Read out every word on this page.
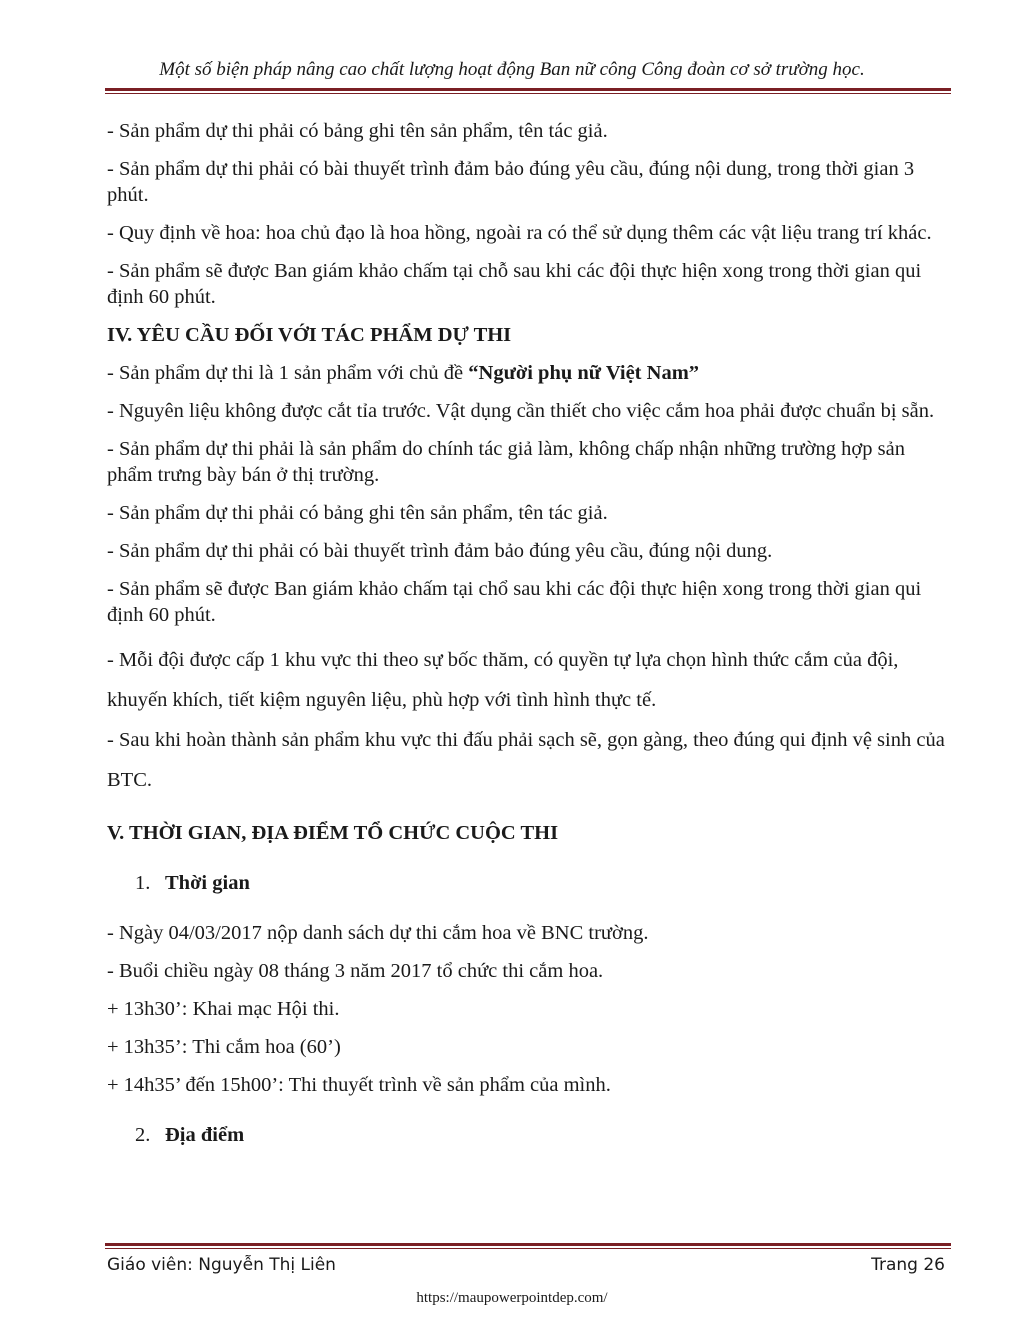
Một số biện pháp nâng cao chất lượng hoạt động Ban nữ công Công đoàn cơ sở trường học.

- Sản phẩm dự thi phải có bảng ghi tên sản phẩm, tên tác giả.

- Sản phẩm dự thi phải có bài thuyết trình đảm bảo đúng yêu cầu, đúng nội dung, trong thời gian 3 phút.

- Quy định về hoa: hoa chủ đạo là hoa hồng, ngoài ra có thể sử dụng thêm các vật liệu trang trí khác.

- Sản phẩm sẽ được Ban giám khảo chấm tại chỗ sau khi các đội thực hiện xong trong thời gian qui định 60 phút.

IV. YÊU CẦU ĐỐI VỚI TÁC PHẨM DỰ THI

- Sản phẩm dự thi là 1 sản phẩm với chủ đề “Người phụ nữ Việt Nam”

- Nguyên liệu không được cắt tỉa trước. Vật dụng cần thiết cho việc cắm hoa phải được chuẩn bị sẵn.

- Sản phẩm dự thi phải là sản phẩm do chính tác giả làm, không chấp nhận những trường hợp sản phẩm trưng bày bán ở thị trường.

- Sản phẩm dự thi phải có bảng ghi tên sản phẩm, tên tác giả.

- Sản phẩm dự thi phải có bài thuyết trình đảm bảo đúng yêu cầu, đúng nội dung.

- Sản phẩm sẽ được Ban giám khảo chấm tại chổ sau khi các đội thực hiện xong trong thời gian qui định 60 phút.

- Mỗi đội được cấp 1 khu vực thi theo sự bốc thăm, có quyền tự lựa chọn hình thức cắm của đội, khuyến khích, tiết kiệm nguyên liệu, phù hợp với tình hình thực tế.

- Sau khi hoàn thành sản phẩm khu vực thi đấu phải sạch sẽ, gọn gàng, theo đúng qui định vệ sinh của BTC.

V. THỜI GIAN, ĐỊA ĐIỂM TỔ CHỨC CUỘC THI

1. Thời gian

- Ngày 04/03/2017 nộp danh sách dự thi cắm hoa về BNC trường.

- Buổi chiều ngày 08 tháng 3 năm 2017 tổ chức thi cắm hoa.

+ 13h30’: Khai mạc Hội thi.

+ 13h35’: Thi cắm hoa (60’)

+ 14h35’ đến 15h00’: Thi thuyết trình về sản phẩm của mình.

2. Địa điểm

Giáo viên: Nguyễn Thị Liên	Trang 26
https://maupowerpointdep.com/
